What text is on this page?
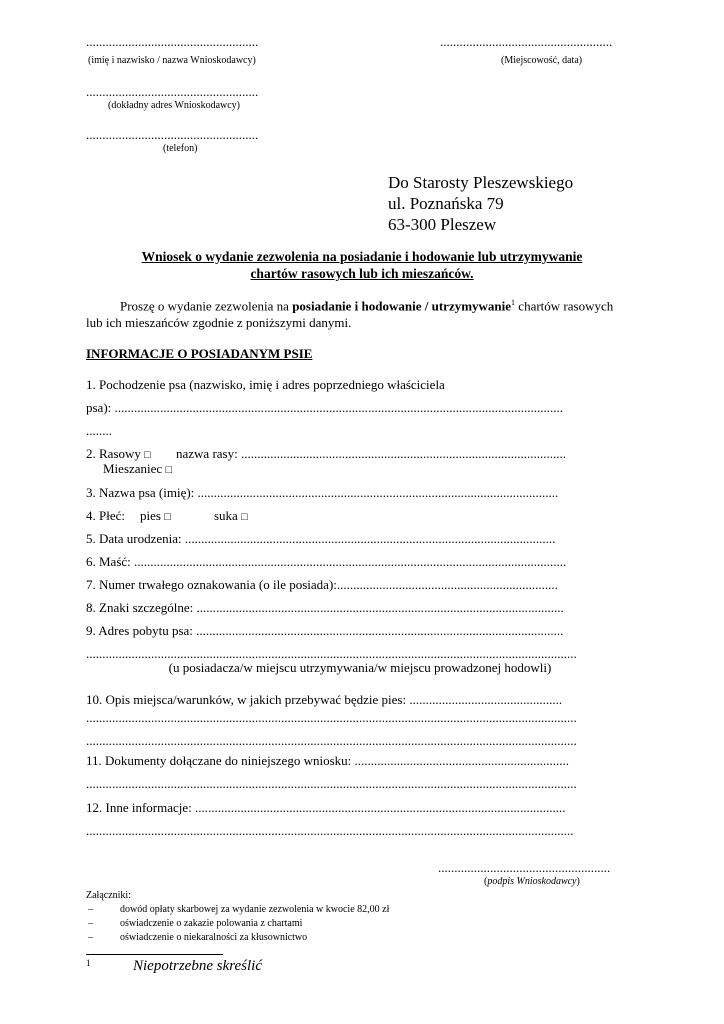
.....................................................
(imię i nazwisko / nazwa Wnioskodawcy)
.....................................................
(Miejscowość, data)
.....................................................
(dokładny adres Wnioskodawcy)
.....................................................
(telefon)
Do Starosty Pleszewskiego
ul. Poznańska 79
63-300 Pleszew
Wniosek o wydanie zezwolenia na posiadanie i hodowanie lub utrzymywanie
chartów rasowych lub ich mieszańców.
Proszę o wydanie zezwolenia na posiadanie i hodowanie / utrzymywanie$^1$ chartów rasowych
lub ich mieszańców zgodnie z poniższymi danymi.
INFORMACJE O POSIADANYM PSIE
1. Pochodzenie psa (nazwisko, imię i adres poprzedniego właściciela
psa): ..........................................................................................................................................
........
2. Rasowy □ nazwa rasy: ....................................................................................................
Mieszaniec □
3. Nazwa psa (imię): ...............................................................................................................
4. Płeć: pies □	suka □
5. Data urodzenia: ..................................................................................................................
6. Maść: .....................................................................................................................................
7. Numer trwałego oznakowania (o ile posiada):....................................................................
8. Znaki szczególne: .................................................................................................................
9. Adres pobytu psa: .................................................................................................................
.......................................................................................................................................................
(u posiadacza/w miejscu utrzymywania/w miejscu prowadzonej hodowli)
10. Opis miejsca/warunków, w jakich przebywać będzie pies: ...............................................
.......................................................................................................................................................
.......................................................................................................................................................
11. Dokumenty dołączane do niniejszego wniosku: ..................................................................
.......................................................................................................................................................
12. Inne informacje: ..................................................................................................................
......................................................................................................................................................
.....................................................
(podpis Wnioskodawcy)
Załączniki:
–	dowód opłaty skarbowej za wydanie zezwolenia w kwocie 82,00 zł
–	oświadczenie o zakazie polowania z chartami
–	oświadczenie o niekaralności za kłusownictwo
1	Niepotrzebne skreślić
